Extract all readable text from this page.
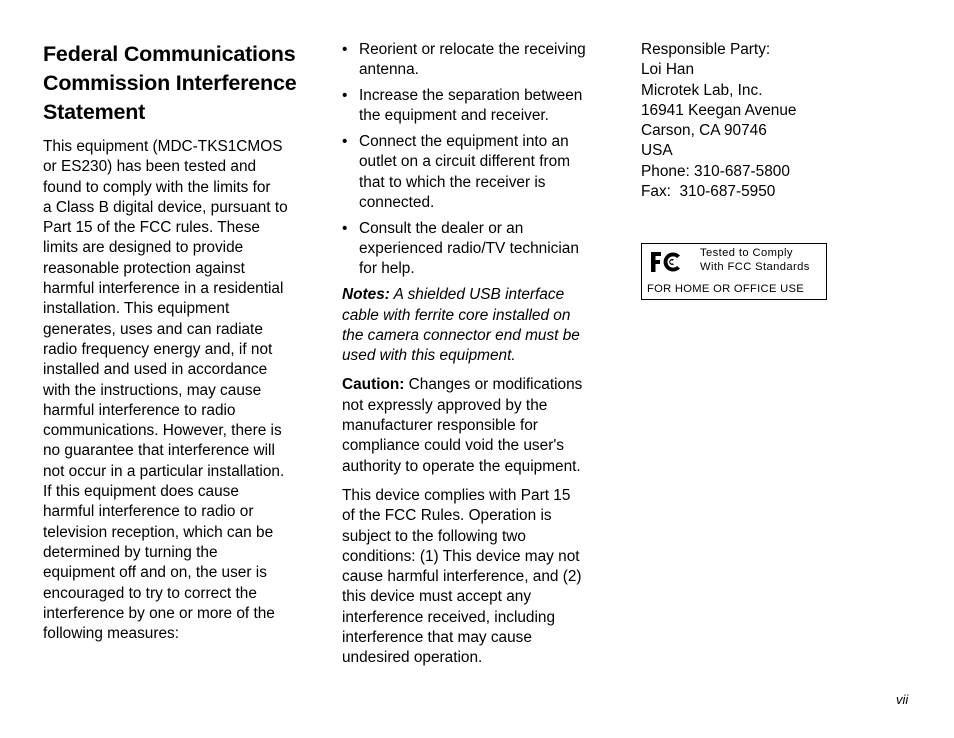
Federal Communications
Commission Interference
Statement

This equipment (MDC-TKS1CMOS
or ES230) has been tested and
found to comply with the limits for
a Class B digital device, pursuant to
Part 15 of the FCC rules. These
limits are designed to provide
reasonable protection against
harmful interference in a residential
installation. This equipment
generates, uses and can radiate
radio frequency energy and, if not
installed and used in accordance
with the instructions, may cause
harmful interference to radio
communications. However, there is
no guarantee that interference will
not occur in a particular installation.
If this equipment does cause
harmful interference to radio or
television reception, which can be
determined by turning the
equipment off and on, the user is
encouraged to try to correct the
interference by one or more of the
following measures:

• Reorient or relocate the receiving
antenna.
• Increase the separation between
the equipment and receiver.
• Connect the equipment into an
outlet on a circuit different from
that to which the receiver is
connected.
• Consult the dealer or an
experienced radio/TV technician
for help.

Notes: A shielded USB interface
cable with ferrite core installed on
the camera connector end must be
used with this equipment.

Caution: Changes or modifications
not expressly approved by the
manufacturer responsible for
compliance could void the user's
authority to operate the equipment.

This device complies with Part 15
of the FCC Rules. Operation is
subject to the following two
conditions: (1) This device may not
cause harmful interference, and (2)
this device must accept any
interference received, including
interference that may cause
undesired operation.

Responsible Party:
Loi Han
Microtek Lab, Inc.
16941 Keegan Avenue
Carson, CA 90746
USA
Phone: 310-687-5800
Fax:  310-687-5950
Tested to Comply
With FCC Standards
FOR HOME OR OFFICE USE
vii
